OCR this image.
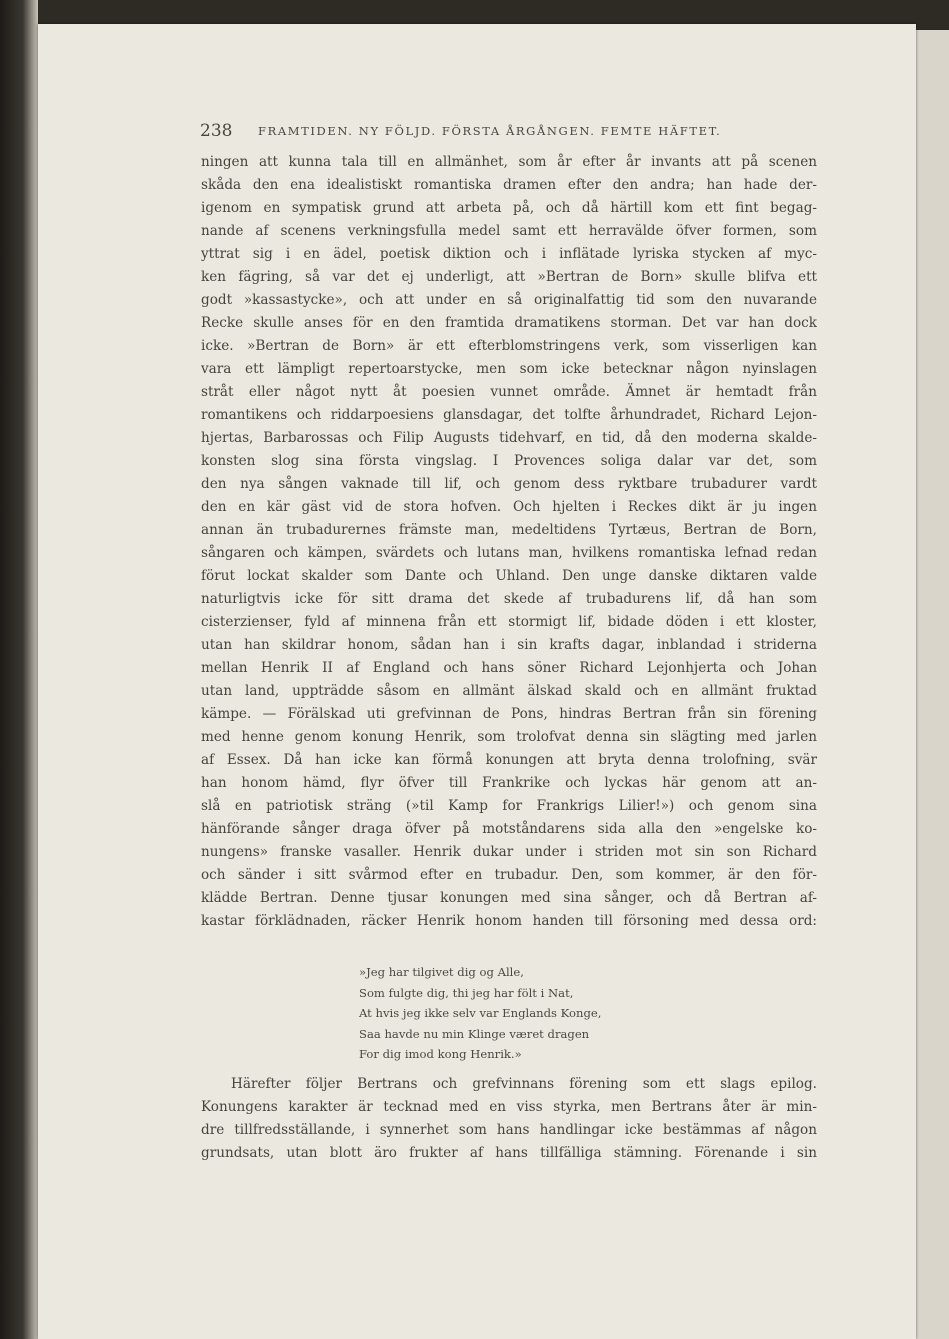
238 FRAMTIDEN. NY FÖLJD. FÖRSTA ÅRGÅNGEN. FEMTE HÄFTET.
ningen att kunna tala till en allmänhet, som år efter år invants att på scenen
skåda den ena idealistiskt romantiska dramen efter den andra; han hade der-
igenom en sympatisk grund att arbeta på, och då härtill kom ett fint begag-
nande af scenens verkningsfulla medel samt ett herravälde öfver formen, som
yttrat sig i en ädel, poetisk diktion och i inflätade lyriska stycken af myc-
ken fägring, så var det ej underligt, att »Bertran de Born» skulle blifva ett
godt »kassastycke», och att under en så originalfattig tid som den nuvarande
Recke skulle anses för en den framtida dramatikens storman. Det var han dock
icke. »Bertran de Born» är ett efterblomstringens verk, som visserligen kan
vara ett lämpligt repertoarstycke, men som icke betecknar någon nyinslagen
stråt eller något nytt åt poesien vunnet område. Ämnet är hemtadt från
romantikens och riddarpoesiens glansdagar, det tolfte århundradet, Richard Lejon-
hjertas, Barbarossas och Filip Augusts tidehvarf, en tid, då den moderna skalde-
konsten slog sina första vingslag. I Provences soliga dalar var det, som
den nya sången vaknade till lif, och genom dess ryktbare trubadurer vardt
den en kär gäst vid de stora hofven. Och hjelten i Reckes dikt är ju ingen
annan än trubadurernes främste man, medeltidens Tyrtæus, Bertran de Born,
sångaren och kämpen, svärdets och lutans man, hvilkens romantiska lefnad redan
förut lockat skalder som Dante och Uhland. Den unge danske diktaren valde
naturligtvis icke för sitt drama det skede af trubadurens lif, då han som
cisterzienser, fyld af minnena från ett stormigt lif, bidade döden i ett kloster,
utan han skildrar honom, sådan han i sin krafts dagar, inblandad i striderna
mellan Henrik II af England och hans söner Richard Lejonhjerta och Johan
utan land, uppträdde såsom en allmänt älskad skald och en allmänt fruktad
kämpe. — Förälskad uti grefvinnan de Pons, hindras Bertran från sin förening
med henne genom konung Henrik, som trolofvat denna sin slägting med jarlen
af Essex. Då han icke kan förmå konungen att bryta denna trolofning, svär
han honom hämd, flyr öfver till Frankrike och lyckas här genom att an-
slå en patriotisk sträng (»til Kamp for Frankrigs Lilier!») och genom sina
hänförande sånger draga öfver på motståndarens sida alla den »engelske ko-
nungens» franske vasaller. Henrik dukar under i striden mot sin son Richard
och sänder i sitt svårmod efter en trubadur. Den, som kommer, är den för-
klädde Bertran. Denne tjusar konungen med sina sånger, och då Bertran af-
kastar förklädnaden, räcker Henrik honom handen till försoning med dessa ord:
»Jeg har tilgivet dig og Alle,
Som fulgte dig, thi jeg har fölt i Nat,
At hvis jeg ikke selv var Englands Konge,
Saa havde nu min Klinge været dragen
For dig imod kong Henrik.»
Härefter följer Bertrans och grefvinnans förening som ett slags epilog.
Konungens karakter är tecknad med en viss styrka, men Bertrans åter är min-
dre tillfredsställande, i synnerhet som hans handlingar icke bestämmas af någon
grundsats, utan blott äro frukter af hans tillfälliga stämning. Förenande i sin
